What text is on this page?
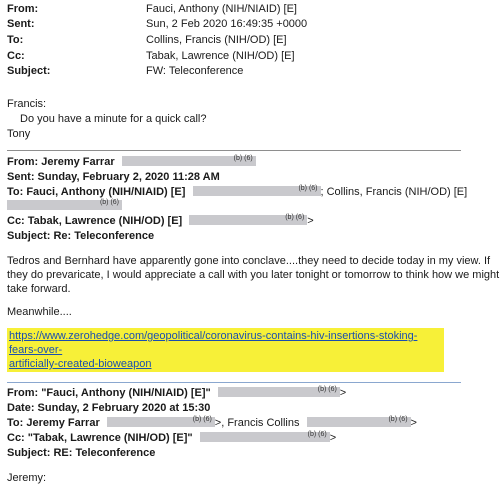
From:	Fauci, Anthony (NIH/NIAID) [E]
Sent:	Sun, 2 Feb 2020 16:49:35 +0000
To:	Collins, Francis (NIH/OD) [E]
Cc:	Tabak, Lawrence (NIH/OD) [E]
Subject:	FW: Teleconference
Francis:
Do you have a minute for a quick call?
Tony
From: Jeremy Farrar	(b) (6)
Sent: Sunday, February 2, 2020 11:28 AM
To: Fauci, Anthony (NIH/NIAID) [E]	(b) (6) ; Collins, Francis (NIH/OD) [E]
(b) (6)
Cc: Tabak, Lawrence (NIH/OD) [E]	(b) (6) >
Subject: Re: Teleconference
Tedros and Bernhard have apparently gone into conclave....they need to decide today in my view. If
they do prevaricate, I would appreciate a call with you later tonight or tomorrow to think how we might
take forward.
Meanwhile....
https://www.zerohedge.com/geopolitical/coronavirus-contains-hiv-insertions-stoking-fears-over-
artificially-created-bioweapon
From: "Fauci, Anthony (NIH/NIAID) [E]"	(b) (6) >
Date: Sunday, 2 February 2020 at 15:30
To: Jeremy Farrar	(b) (6) >, Francis Collins	(b) (6) >
Cc: "Tabak, Lawrence (NIH/OD) [E]"	(b) (6) >
Subject: RE: Teleconference
Jeremy:
